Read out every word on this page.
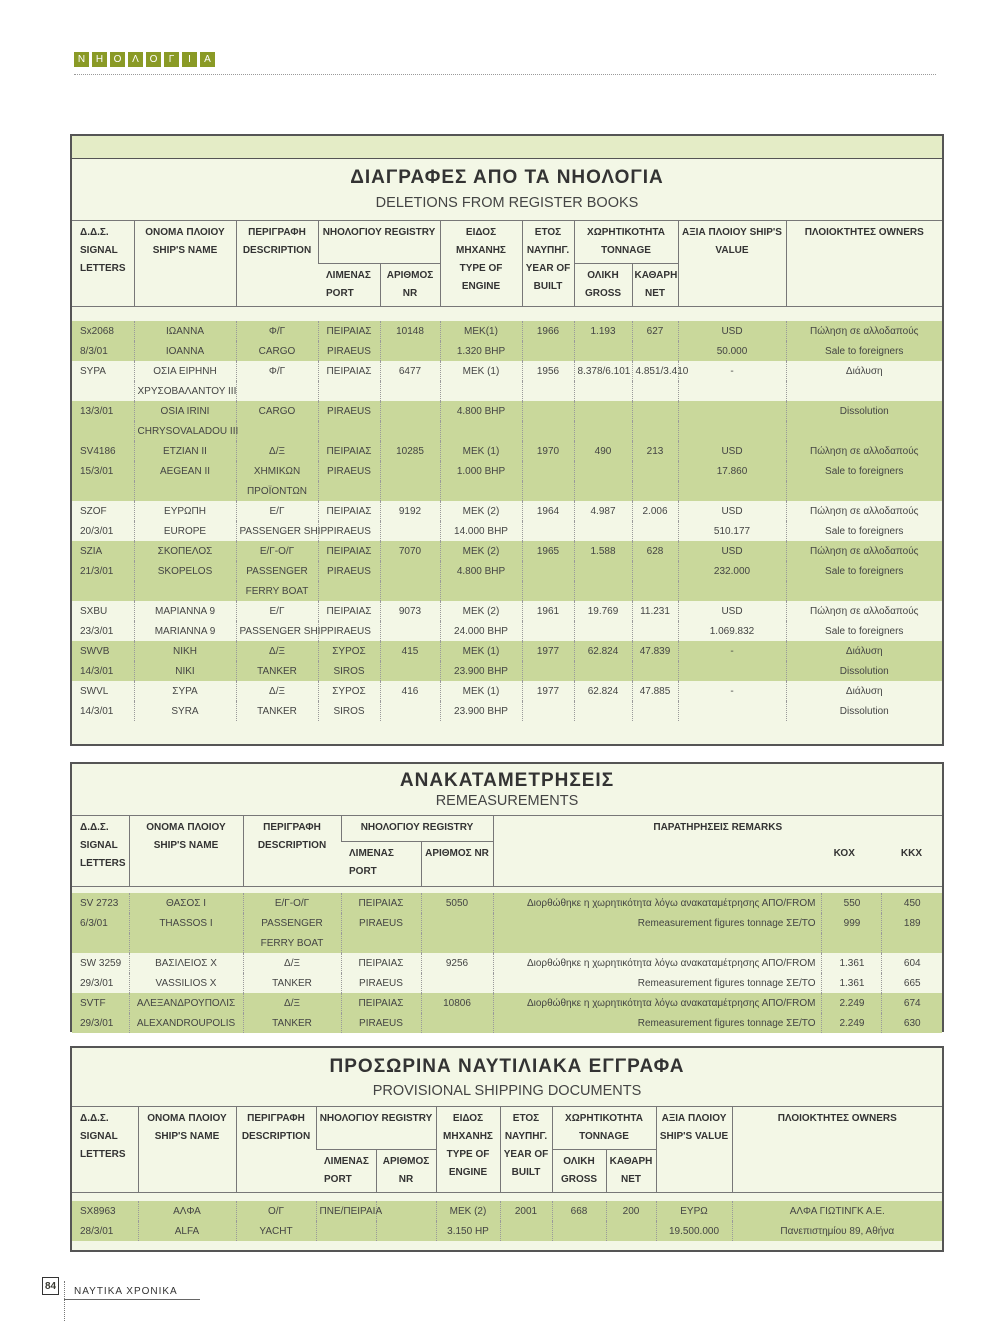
Ν	Η	Ο	Λ	Ο	Γ	Ι	Α
ΔΙΑΓΡΑΦΕΣ ΑΠΟ ΤΑ ΝΗΟΛΟΓΙΑ
DELETIONS FROM REGISTER BOOKS
Δ.Δ.Σ. SIGNAL LETTERS	ΟΝΟΜΑ ΠΛΟΙΟΥ SHIP'S NAME	ΠΕΡΙΓΡΑΦΗ DESCRIPTION	ΝΗΟΛΟΓΙΟΥ REGISTRY		ΕΙΔΟΣ ΜΗΧΑΝΗΣ TYPE OF ENGINE	ΕΤΟΣ ΝΑΥΠΗΓ. YEAR OF BUILT	ΧΩΡΗΤΙΚΟΤΗΤΑ TONNAGE		ΑΞΙΑ ΠΛΟΙΟΥ SHIP'S VALUE	ΠΛΟΙΟΚΤΗΤΕΣ OWNERS
			ΛΙΜΕΝΑΣ PORT	ΑΡΙΘΜΟΣ NR			ΟΛΙΚΗ GROSS	ΚΑΘΑΡΗ NET		

Sx2068	ΙΩΑΝΝΑ	Φ/Γ	ΠΕΙΡΑΙΑΣ	10148	ΜΕΚ(1)	1966	1.193	627	USD	Πώληση σε αλλοδαπούς
8/3/01	IOANNA	CARGO	PIRAEUS		1.320 BHP				50.000	Sale to foreigners
SYPA	ΟΣΙΑ ΕΙΡΗΝΗ	Φ/Γ	ΠΕΙΡΑΙΑΣ	6477	ΜΕΚ (1)	1956	8.378/6.101	4.851/3.410	-	Διάλυση
	ΧΡΥΣΟΒΑΛΑΝΤΟΥ ΙΙΙ									
13/3/01	OSIA IRINI	CARGO	PIRAEUS		4.800 BHP					Dissolution
	CHRYSOVALADOU III									
SV4186	ΕΤΖΙΑΝ ΙΙ	Δ/Ξ	ΠΕΙΡΑΙΑΣ	10285	ΜΕΚ (1)	1970	490	213	USD	Πώληση σε αλλοδαπούς
15/3/01	AEGEAN II	ΧΗΜΙΚΩΝ	PIRAEUS		1.000 BHP				17.860	Sale to foreigners
		ΠΡΟΪΟΝΤΩΝ								
SZOF	ΕΥΡΩΠΗ	Ε/Γ	ΠΕΙΡΑΙΑΣ	9192	ΜΕΚ (2)	1964	4.987	2.006	USD	Πώληση σε αλλοδαπούς
20/3/01	EUROPE	PASSENGER SHIP	PIRAEUS		14.000 BHP				510.177	Sale to foreigners
SZIA	ΣΚΟΠΕΛΟΣ	Ε/Γ-Ο/Γ	ΠΕΙΡΑΙΑΣ	7070	ΜΕΚ (2)	1965	1.588	628	USD	Πώληση σε αλλοδαπούς
21/3/01	SKOPELOS	PASSENGER	PIRAEUS		4.800 BHP				232.000	Sale to foreigners
		FERRY BOAT								
SXBU	ΜΑΡΙΑΝΝΑ 9	Ε/Γ	ΠΕΙΡΑΙΑΣ	9073	ΜΕΚ (2)	1961	19.769	11.231	USD	Πώληση σε αλλοδαπούς
23/3/01	MARIANNA 9	PASSENGER SHIP	PIRAEUS		24.000 BHP				1.069.832	Sale to foreigners
SWVB	ΝΙΚΗ	Δ/Ξ	ΣΥΡΟΣ	415	ΜΕΚ (1)	1977	62.824	47.839	-	Διάλυση
14/3/01	NIKI	TANKER	SIROS		23.900 BHP					Dissolution
SWVL	ΣΥΡΑ	Δ/Ξ	ΣΥΡΟΣ	416	ΜΕΚ (1)	1977	62.824	47.885	-	Διάλυση
14/3/01	SYRA	TANKER	SIROS		23.900 BHP					Dissolution
ΑΝΑΚΑΤΑΜΕΤΡΗΣΕΙΣ
REMEASUREMENTS
Δ.Δ.Σ. SIGNAL LETTERS	ΟΝΟΜΑ ΠΛΟΙΟΥ SHIP'S NAME	ΠΕΡΙΓΡΑΦΗ DESCRIPTION	ΝΗΟΛΟΓΙΟΥ REGISTRY		ΠΑΡΑΤΗΡΗΣΕΙΣ REMARKS
ΚΟΧ ΚΚΧ		

			ΛΙΜΕΝΑΣ PORT	ΑΡΙΘΜΟΣ NR			

SV 2723	ΘΑΣΟΣ Ι	Ε/Γ-Ο/Γ	ΠΕΙΡΑΙΑΣ	5050	Διορθώθηκε η χωρητικότητα λόγω ανακαταμέτρησης ΑΠΟ/FROM	550	450
6/3/01	THASSOS I	PASSENGER	PIRAEUS		Remeasurement figures tonnage ΣΕ/TO	999	189
		FERRY BOAT					
SW 3259	ΒΑΣΙΛΕΙΟΣ Χ	Δ/Ξ	ΠΕΙΡΑΙΑΣ	9256	Διορθώθηκε η χωρητικότητα λόγω ανακαταμέτρησης ΑΠΟ/FROM	1.361	604
29/3/01	VASSILIOS X	TANKER	PIRAEUS		Remeasurement figures tonnage ΣΕ/TO	1.361	665
SVTF	ΑΛΕΞΑΝΔΡΟΥΠΟΛΙΣ	Δ/Ξ	ΠΕΙΡΑΙΑΣ	10806	Διορθώθηκε η χωρητικότητα λόγω ανακαταμέτρησης ΑΠΟ/FROM	2.249	674
29/3/01	ALEXANDROUPOLIS	TANKER	PIRAEUS		Remeasurement figures tonnage ΣΕ/TO	2.249	630
ΠΡΟΣΩΡΙΝΑ ΝΑΥΤΙΛΙΑΚΑ ΕΓΓΡΑΦΑ
PROVISIONAL SHIPPING DOCUMENTS
Δ.Δ.Σ. SIGNAL LETTERS	ΟΝΟΜΑ ΠΛΟΙΟΥ SHIP'S NAME	ΠΕΡΙΓΡΑΦΗ DESCRIPTION	ΝΗΟΛΟΓΙΟΥ REGISTRY		ΕΙΔΟΣ ΜΗΧΑΝΗΣ TYPE OF ENGINE	ΕΤΟΣ ΝΑΥΠΗΓ. YEAR OF BUILT	ΧΩΡΗΤΙΚΟΤΗΤΑ TONNAGE		ΑΞΙΑ ΠΛΟΙΟΥ SHIP'S VALUE	ΠΛΟΙΟΚΤΗΤΕΣ OWNERS
			ΛΙΜΕΝΑΣ PORT	ΑΡΙΘΜΟΣ NR			ΟΛΙΚΗ GROSS	ΚΑΘΑΡΗ NET		

SX8963	ΑΛΦΑ	Ο/Γ	ΠΝΕ/ΠΕΙΡΑΙΑ		ΜΕΚ (2)	2001	668	200	ΕΥΡΩ	ΑΛΦΑ ΓΙΩΤΙΝΓΚ Α.Ε.
28/3/01	ALFA	YACHT			3.150 HP				19.500.000	Πανεπιστημίου 89, Αθήνα
84 ΝΑΥΤΙΚΑ ΧΡΟΝΙΚΑ
